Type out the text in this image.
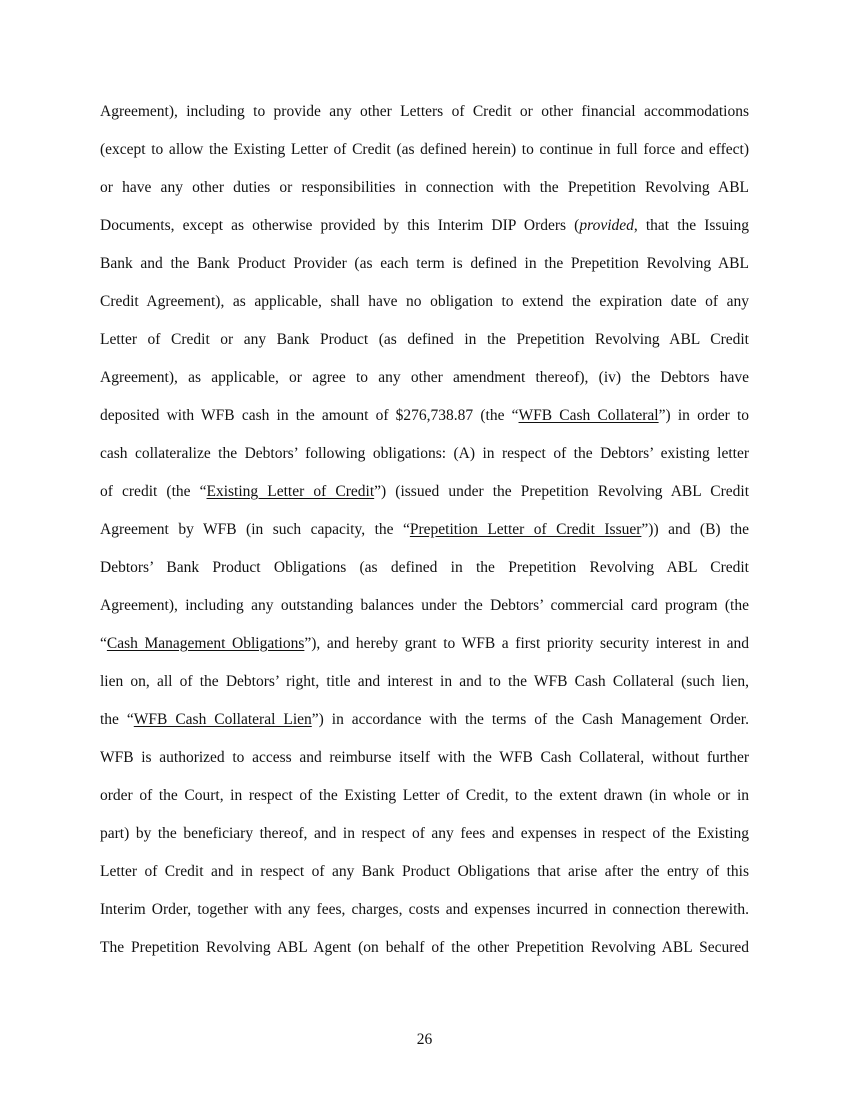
Agreement), including to provide any other Letters of Credit or other financial accommodations
(except to allow the Existing Letter of Credit (as defined herein) to continue in full force and effect)
or have any other duties or responsibilities in connection with the Prepetition Revolving ABL
Documents, except as otherwise provided by this Interim DIP Orders (provided, that the Issuing
Bank and the Bank Product Provider (as each term is defined in the Prepetition Revolving ABL
Credit Agreement), as applicable, shall have no obligation to extend the expiration date of any
Letter of Credit or any Bank Product (as defined in the Prepetition Revolving ABL Credit
Agreement), as applicable, or agree to any other amendment thereof), (iv) the Debtors have
deposited with WFB cash in the amount of $276,738.87 (the “WFB Cash Collateral”) in order to
cash collateralize the Debtors’ following obligations: (A) in respect of the Debtors’ existing letter
of credit (the “Existing Letter of Credit”) (issued under the Prepetition Revolving ABL Credit
Agreement by WFB (in such capacity, the “Prepetition Letter of Credit Issuer”)) and (B) the
Debtors’ Bank Product Obligations (as defined in the Prepetition Revolving ABL Credit
Agreement), including any outstanding balances under the Debtors’ commercial card program (the
“Cash Management Obligations”), and hereby grant to WFB a first priority security interest in and
lien on, all of the Debtors’ right, title and interest in and to the WFB Cash Collateral (such lien,
the “WFB Cash Collateral Lien”) in accordance with the terms of the Cash Management Order.
WFB is authorized to access and reimburse itself with the WFB Cash Collateral, without further
order of the Court, in respect of the Existing Letter of Credit, to the extent drawn (in whole or in
part) by the beneficiary thereof, and in respect of any fees and expenses in respect of the Existing
Letter of Credit and in respect of any Bank Product Obligations that arise after the entry of this
Interim Order, together with any fees, charges, costs and expenses incurred in connection therewith.
The Prepetition Revolving ABL Agent (on behalf of the other Prepetition Revolving ABL Secured
26
